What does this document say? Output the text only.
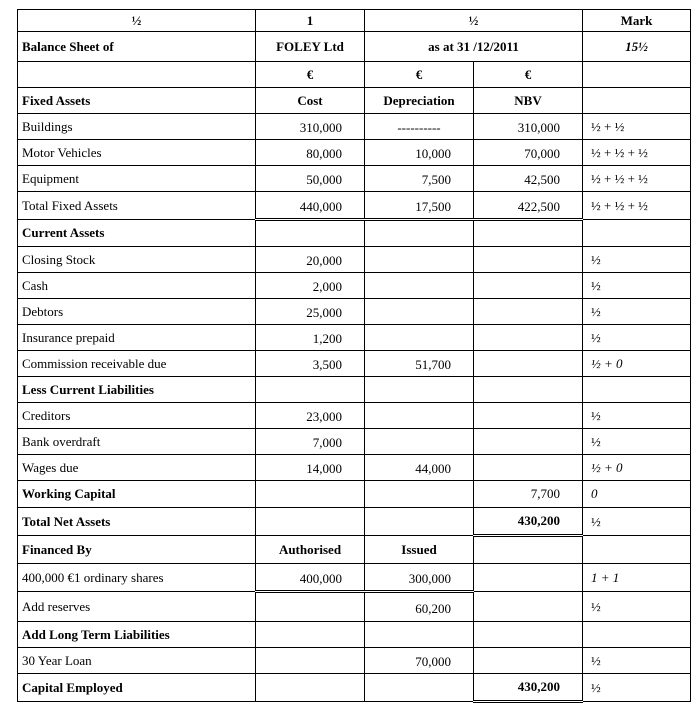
½	1	½		Mark
Balance Sheet of	FOLEY Ltd	as at 31 /12/2011		15½
	€	€	€	
Fixed Assets	Cost	Depreciation	NBV	
Buildings	310,000	----------	310,000	½ + ½
Motor Vehicles	80,000	10,000	70,000	½ + ½ + ½
Equipment	50,000	7,500	42,500	½ + ½ + ½
Total Fixed Assets	440,000	17,500	422,500	½ + ½ + ½
Current Assets				
Closing Stock	20,000			½
Cash	2,000			½
Debtors	25,000			½
Insurance prepaid	1,200			½
Commission receivable due	3,500	51,700		½ + 0
Less Current Liabilities				
Creditors	23,000			½
Bank overdraft	7,000			½
Wages due	14,000	44,000		½ + 0
Working Capital			7,700	0
Total Net Assets			430,200	½
Financed By	Authorised	Issued		
400,000 €1 ordinary shares	400,000	300,000		1 + 1
Add reserves		60,200		½
Add Long Term Liabilities				
30 Year Loan		70,000		½
Capital Employed			430,200	½
